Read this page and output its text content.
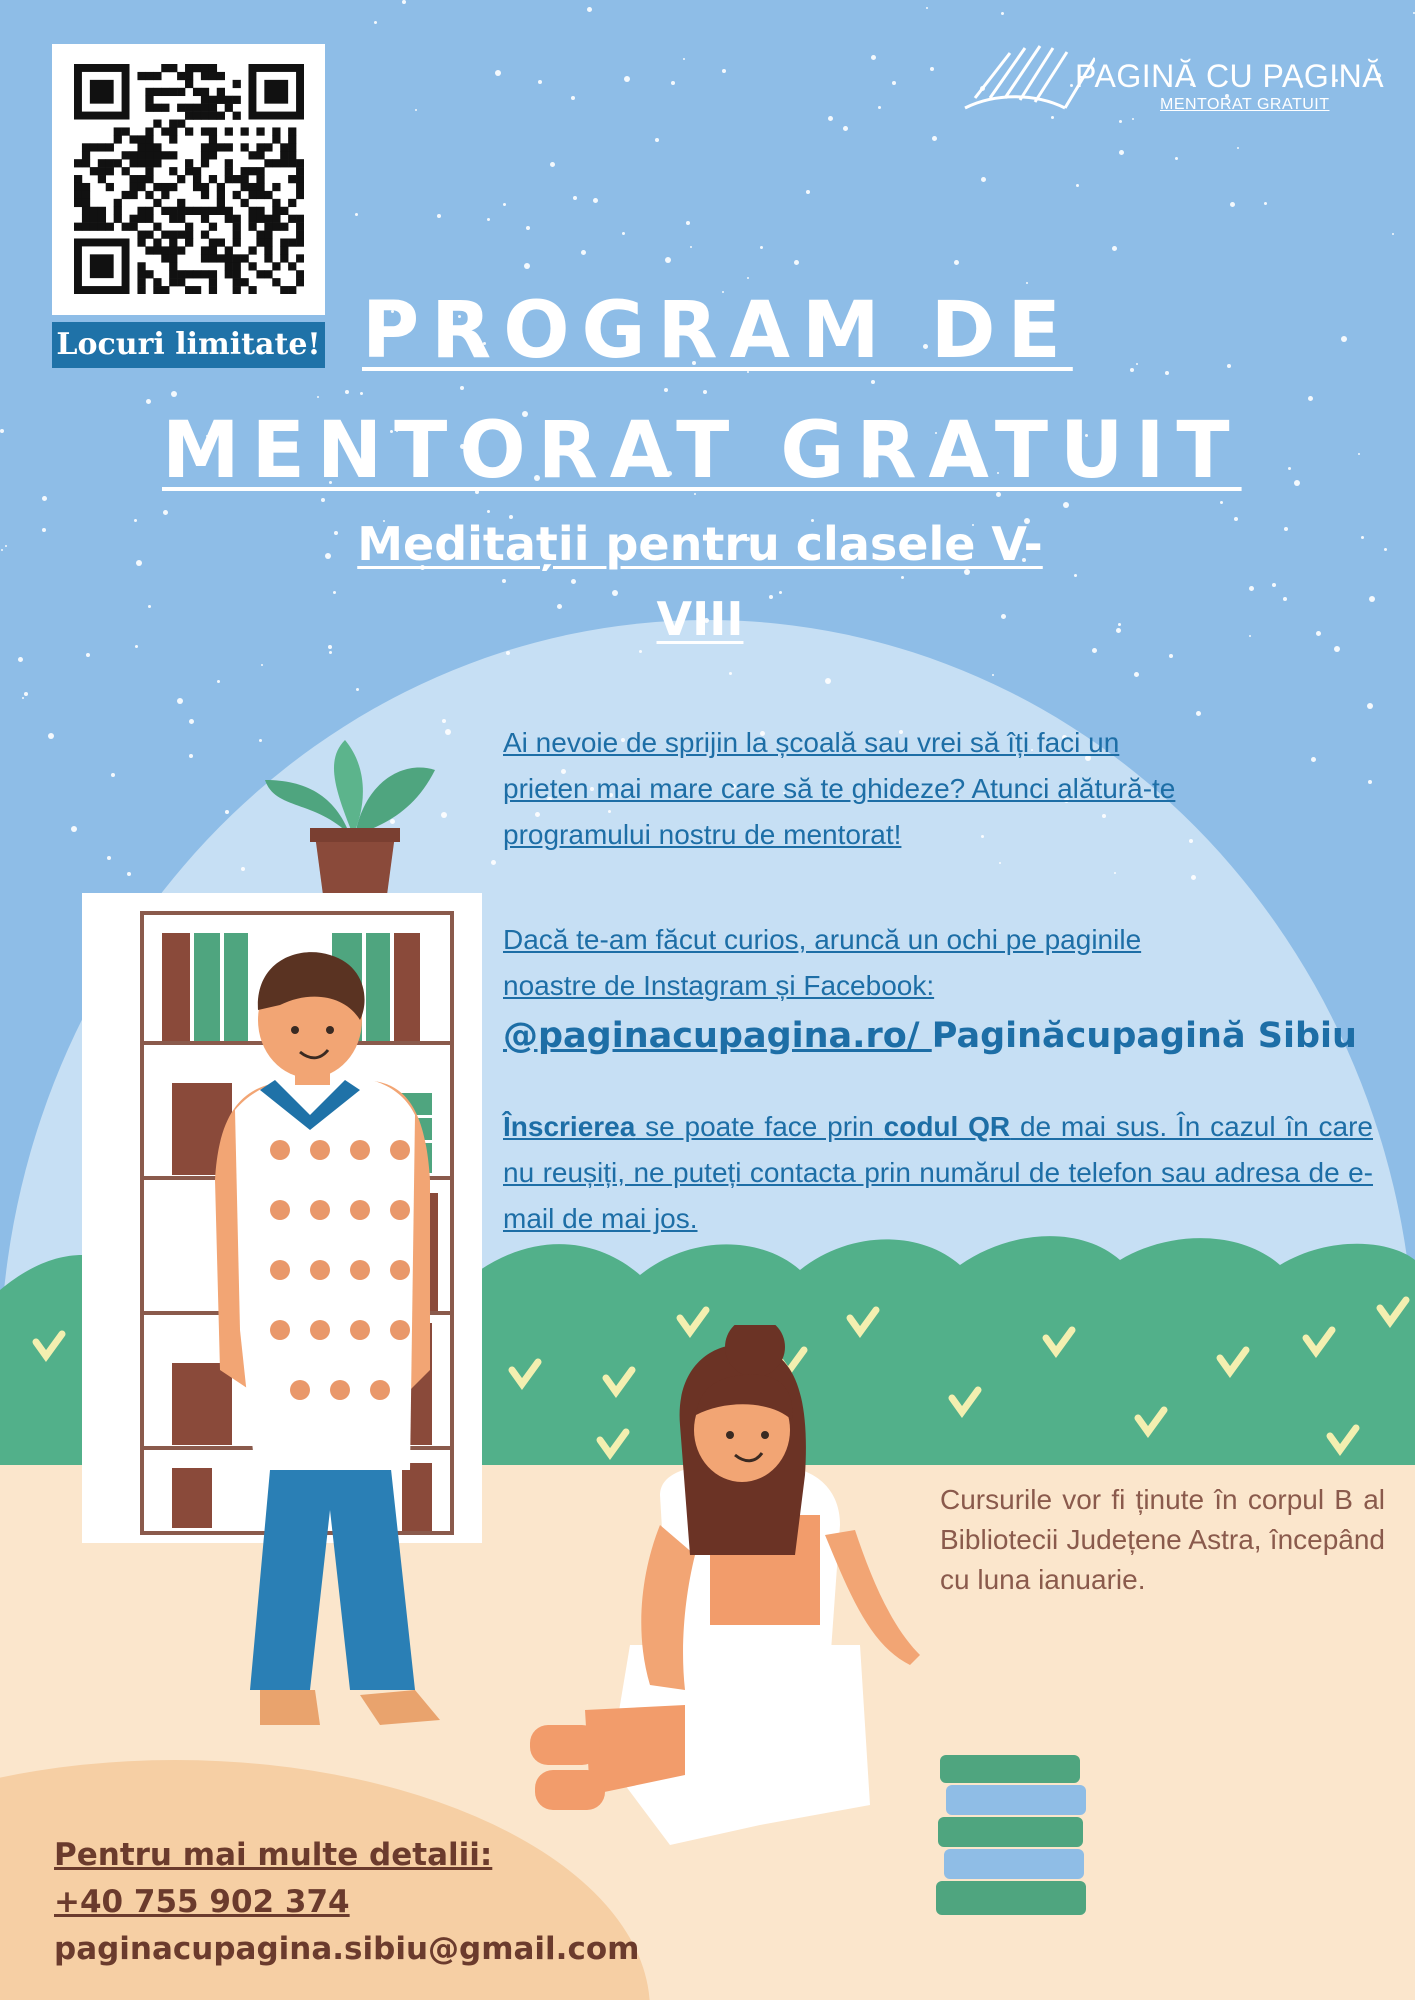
Locuri limitate!
PAGINĂ CU PAGINĂ
MENTORAT GRATUIT
PROGRAM DE
MENTORAT GRATUIT
Meditații pentru clasele V-
VIII
Ai nevoie de sprijin la școală sau vrei să îți faci un prieten mai mare care să te ghideze? Atunci alătură-te programului nostru de mentorat!
Dacă te-am făcut curios, aruncă un ochi pe paginile noastre de Instagram și Facebook:
@paginacupagina.ro/ Paginăcupagină Sibiu
Înscrierea se poate face prin codul QR de mai sus. În cazul în care nu reușiți, ne puteți contacta prin numărul de telefon sau adresa de e-mail de mai jos.
Cursurile vor fi ținute în corpul B al Bibliotecii Județene Astra, începând cu luna ianuarie.
Pentru mai multe detalii:
+40 755 902 374
paginacupagina.sibiu@gmail.com
